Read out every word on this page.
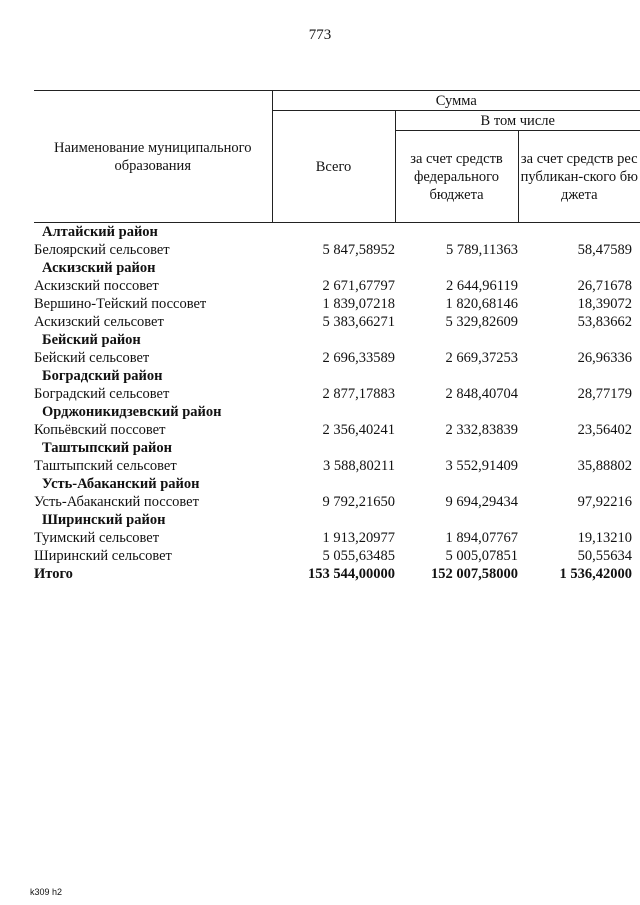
773
Наименование муниципального образования	Сумма		
	Всего	В том числе	
		за счет средств федерального бюджета	за счет средств республикан-ского бюджета
Алтайский район			
Белоярский сельсовет	5 847,58952	5 789,11363	58,47589
Аскизский район			
Аскизский поссовет	2 671,67797	2 644,96119	26,71678
Вершино-Тейский поссовет	1 839,07218	1 820,68146	18,39072
Аскизский сельсовет	5 383,66271	5 329,82609	53,83662
Бейский район			
Бейский сельсовет	2 696,33589	2 669,37253	26,96336
Боградский район			
Боградский сельсовет	2 877,17883	2 848,40704	28,77179
Орджоникидзевский район			
Копьёвский поссовет	2 356,40241	2 332,83839	23,56402
Таштыпский район			
Таштыпский сельсовет	3 588,80211	3 552,91409	35,88802
Усть-Абаканский район			
Усть-Абаканский поссовет	9 792,21650	9 694,29434	97,92216
Ширинский район			
Туимский сельсовет	1 913,20977	1 894,07767	19,13210
Ширинский сельсовет	5 055,63485	5 005,07851	50,55634
Итого	153 544,00000	152 007,58000	1 536,42000
k309 h2
